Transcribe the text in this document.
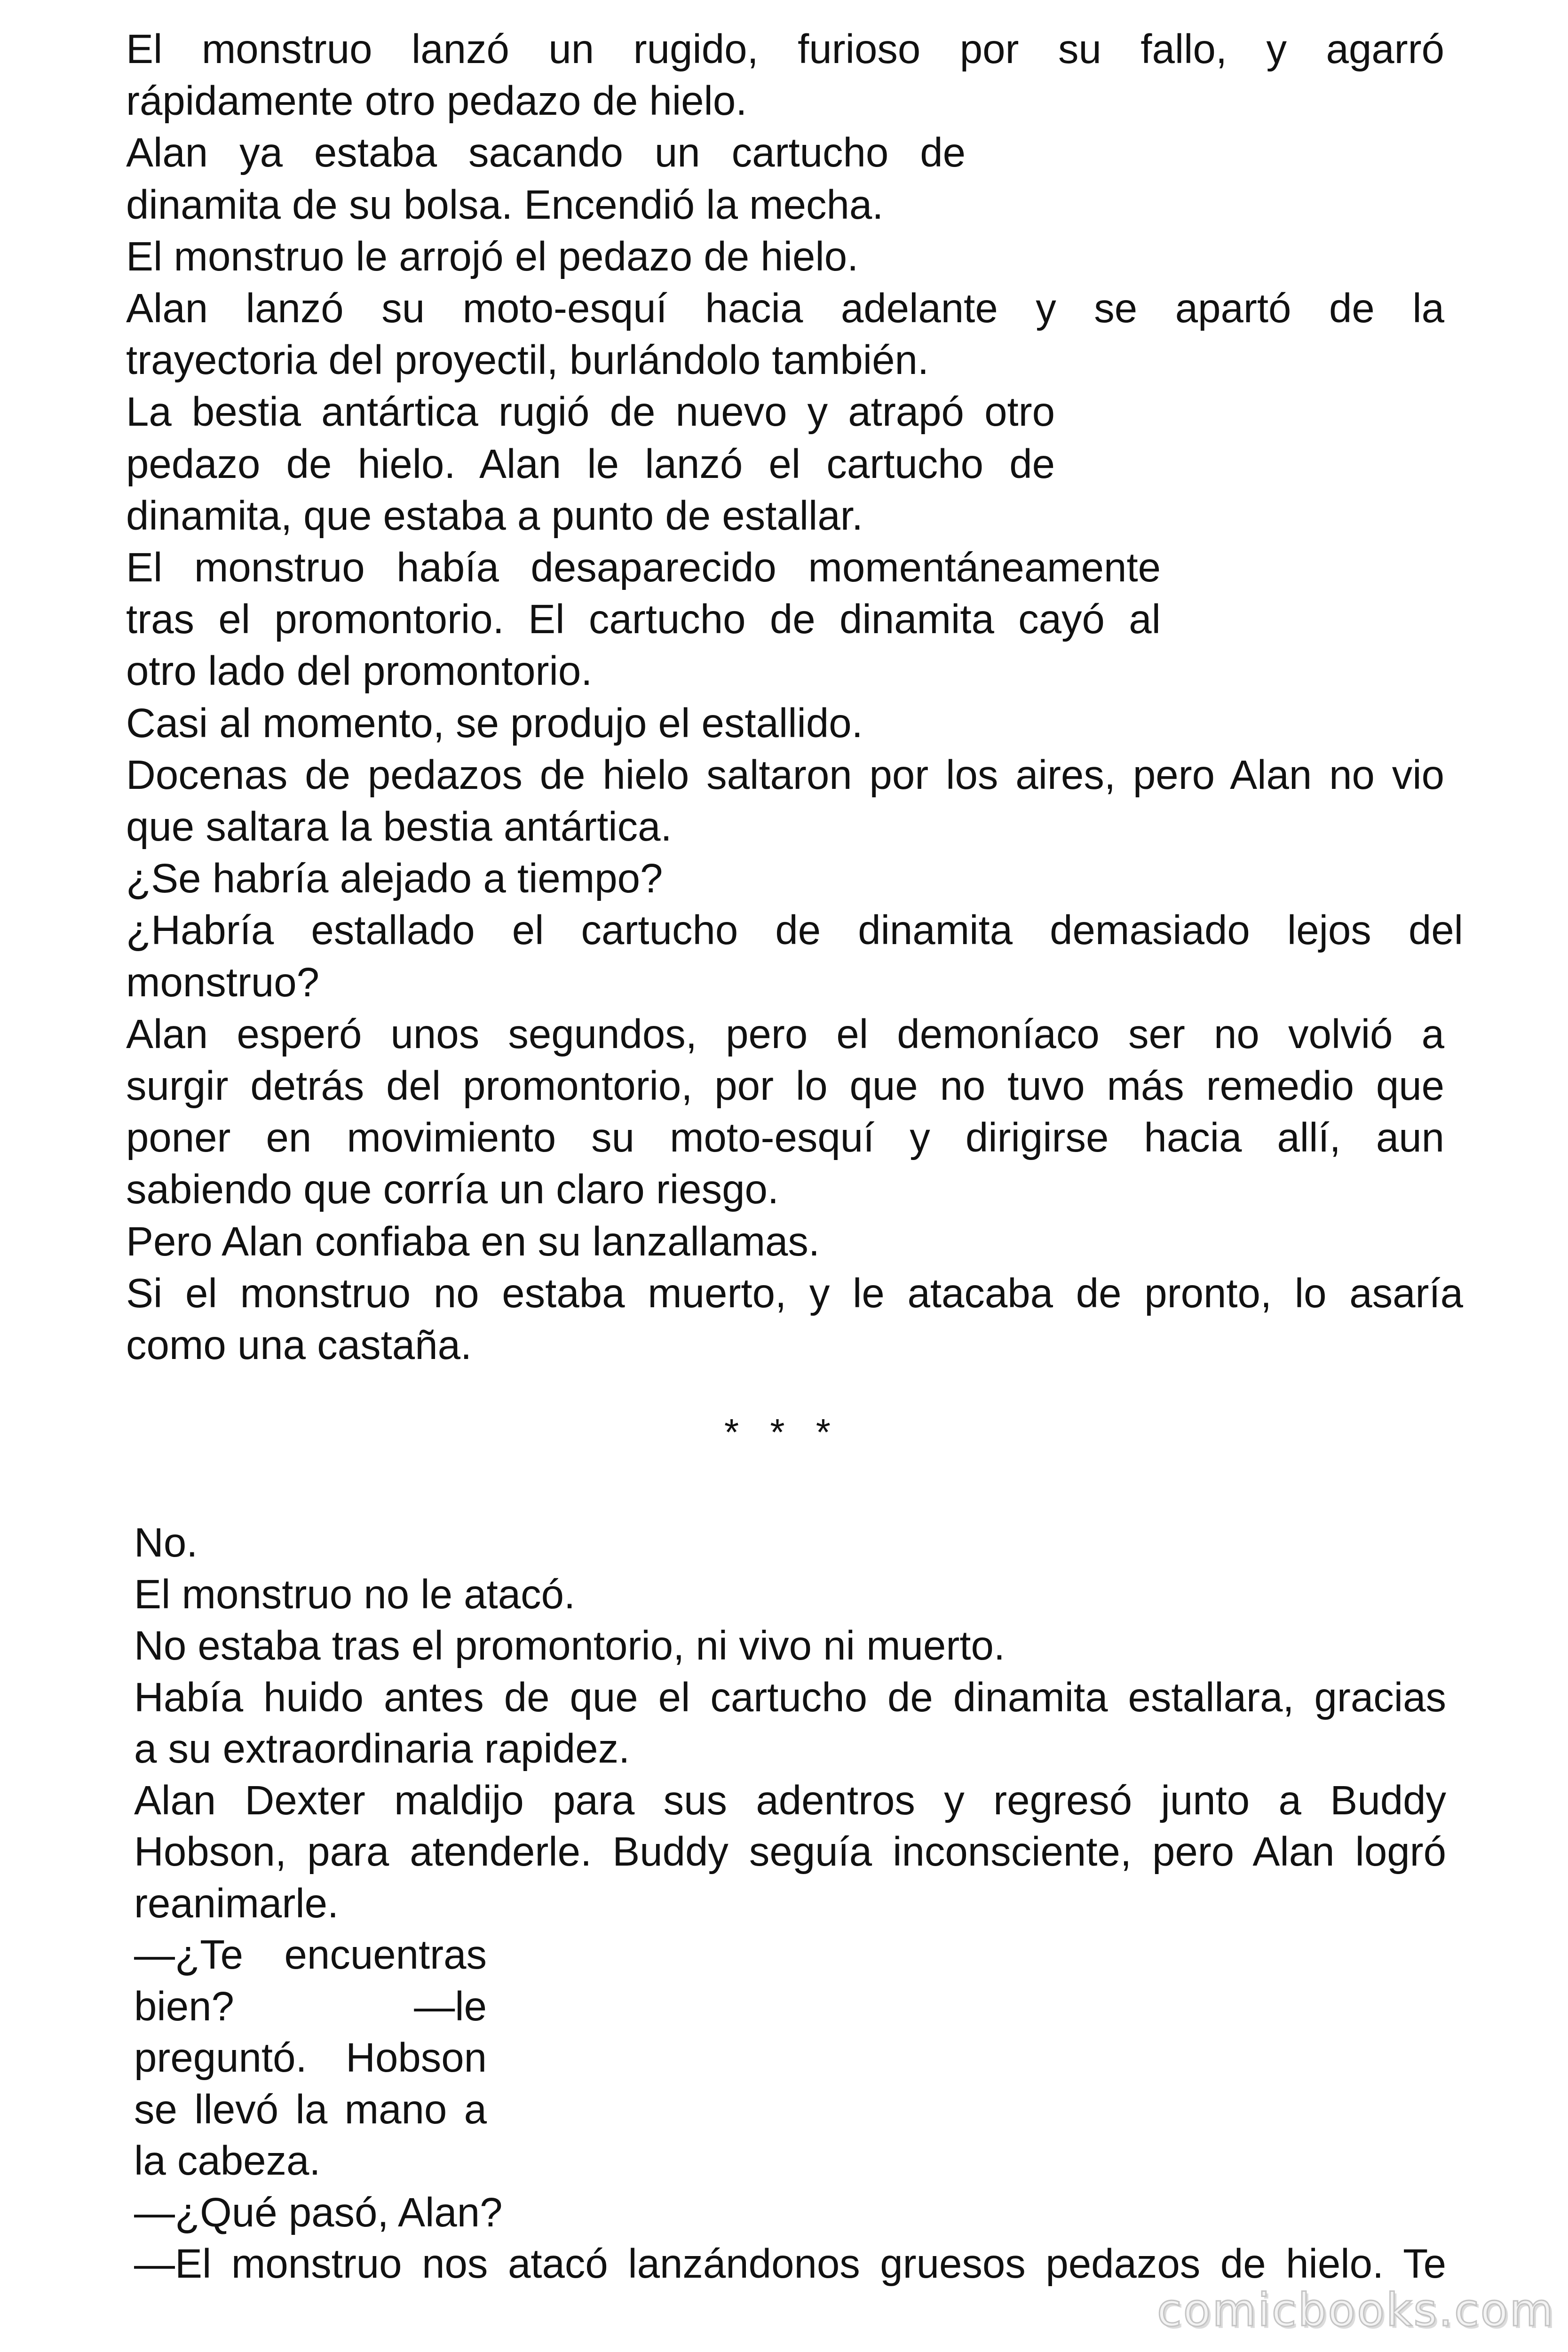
El monstruo lanzó un rugido, furioso por su fallo, y agarró

rápidamente otro pedazo de hielo.

Alan ya estaba sacando un cartucho de

dinamita de su bolsa. Encendió la mecha.

El monstruo le arrojó el pedazo de hielo.

Alan lanzó su moto-esquí hacia adelante y se apartó de la

trayectoria del proyectil, burlándolo también.

La bestia antártica rugió de nuevo y atrapó otro

pedazo de hielo. Alan le lanzó el cartucho de

dinamita, que estaba a punto de estallar.

El monstruo había desaparecido momentáneamente

tras el promontorio. El cartucho de dinamita cayó al

otro lado del promontorio.

Casi al momento, se produjo el estallido.

Docenas de pedazos de hielo saltaron por los aires, pero Alan no vio

que saltara la bestia antártica.

¿Se habría alejado a tiempo?

¿Habría estallado el cartucho de dinamita demasiado lejos del

monstruo?

Alan esperó unos segundos, pero el demoníaco ser no volvió a

surgir detrás del promontorio, por lo que no tuvo más remedio que

poner en movimiento su moto-esquí y dirigirse hacia allí, aun

sabiendo que corría un claro riesgo.

Pero Alan confiaba en su lanzallamas.

Si el monstruo no estaba muerto, y le atacaba de pronto, lo asaría

como una castaña.

* * *

No.

El monstruo no le atacó.

No estaba tras el promontorio, ni vivo ni muerto.

Había huido antes de que el cartucho de dinamita estallara, gracias

a su extraordinaria rapidez.

Alan Dexter maldijo para sus adentros y regresó junto a Buddy

Hobson, para atenderle. Buddy seguía inconsciente, pero Alan logró

reanimarle.

—¿Te encuentras

bien? —le

preguntó. Hobson

se llevó la mano a

la cabeza.

—¿Qué pasó, Alan?

—El monstruo nos atacó lanzándonos gruesos pedazos de hielo. Te

comicbooks.com
